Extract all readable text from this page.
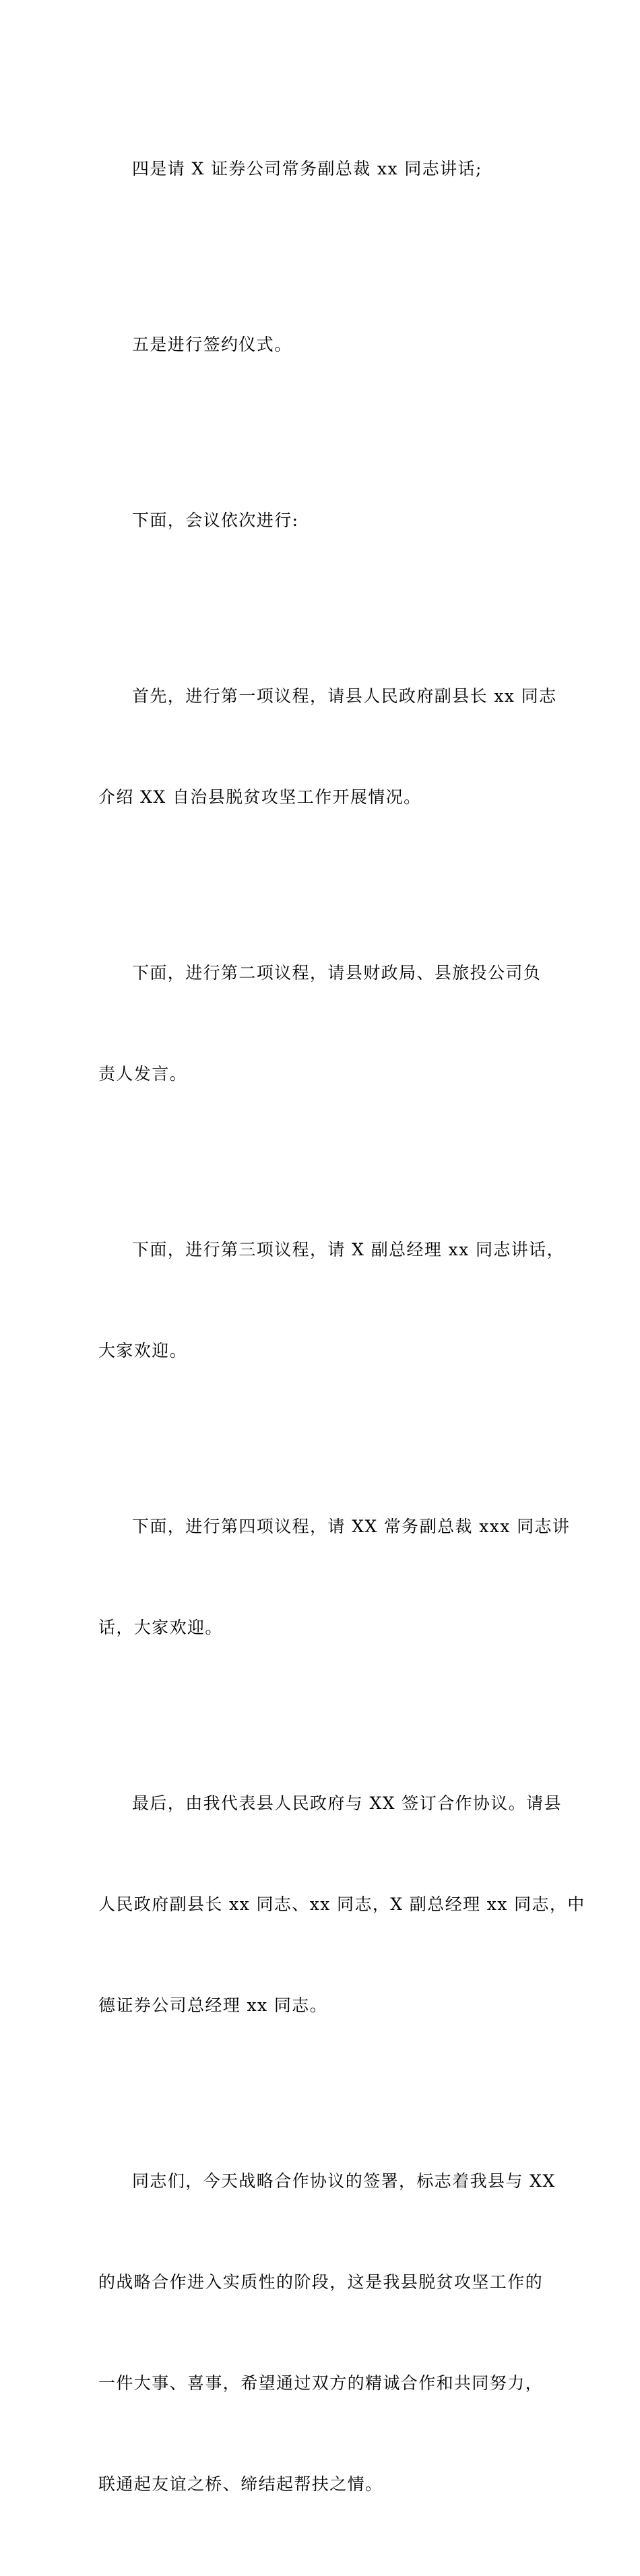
四是请 X 证券公司常务副总裁 xx 同志讲话;

五是进行签约仪式。

下面，会议依次进行:

首先，进行第一项议程，请县人民政府副县长 xx 同志

介绍 XX 自治县脱贫攻坚工作开展情况。

下面，进行第二项议程，请县财政局、县旅投公司负

责人发言。

下面，进行第三项议程，请 X 副总经理 xx 同志讲话，

大家欢迎。

下面，进行第四项议程，请 XX 常务副总裁 xxx 同志讲

话，大家欢迎。

最后，由我代表县人民政府与 XX 签订合作协议。请县

人民政府副县长 xx 同志、xx 同志，X 副总经理 xx 同志，中

德证券公司总经理 xx 同志。

同志们，今天战略合作协议的签署，标志着我县与 XX

的战略合作进入实质性的阶段，这是我县脱贫攻坚工作的

一件大事、喜事，希望通过双方的精诚合作和共同努力，

联通起友谊之桥、缔结起帮扶之情。
